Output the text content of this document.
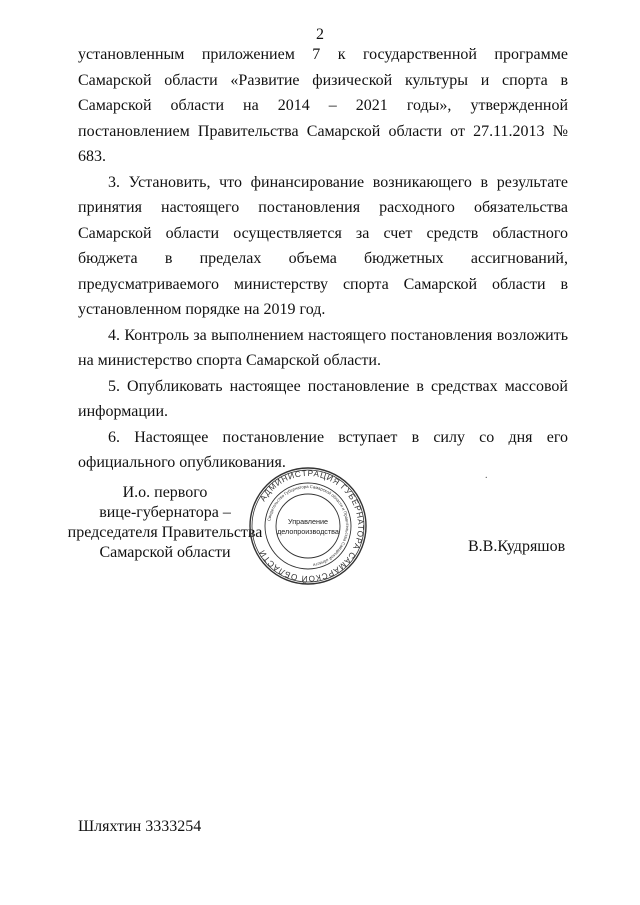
2

установленным приложением 7 к государственной программе
Самарской области «Развитие физической культуры и спорта в Самарской области на 2014 – 2021 годы», утвержденной постановлением Правительства Самарской области от 27.11.2013 № 683.

3. Установить, что финансирование возникающего в результате принятия настоящего постановления расходного обязательства Самарской области осуществляется за счет средств областного бюджета в пределах объема бюджетных ассигнований, предусматриваемого министерству спорта Самарской области в установленном порядке на 2019 год.

4. Контроль за выполнением настоящего постановления возложить на министерство спорта Самарской области.

5. Опубликовать настоящее постановление в средствах массовой информации.

6. Настоящее постановление вступает в силу со дня его официального опубликования.

.
И.о. первого
вице-губернатора –
председателя Правительства
Самарской области
АДМИНИСТРАЦИЯ ГУБЕРНАТОРА САМАРСКОЙ ОБЛАСТИ
Свидетельство Губернатора Самарской области и Правительства Самарской области
Управление
делопроизводства
В.В.Кудряшов
Шляхтин 3333254
